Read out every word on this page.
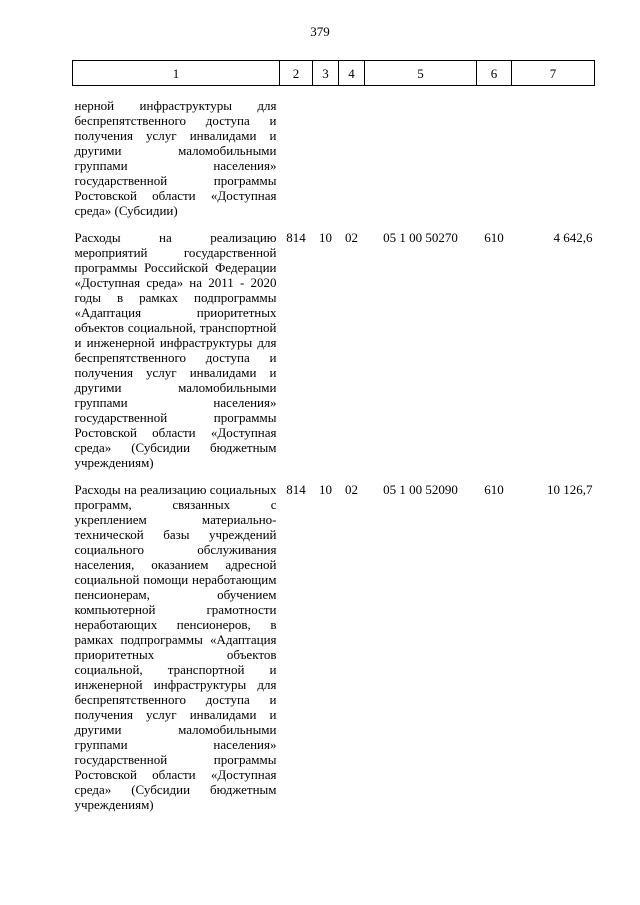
379
1	2	3	4	5	6	7

нерной инфраструктуры для беспрепятственного доступа и получения услуг инвалидами и другими маломобильными группами населения» государственной программы Ростовской области «Доступная среда» (Субсидии)						

Расходы на реализацию мероприятий государственной программы Российской Федерации «Доступная среда» на 2011 - 2020 годы в рамках подпрограммы «Адаптация приоритетных объектов социальной, транспортной и инженерной инфраструктуры для беспрепятственного доступа и получения услуг инвалидами и другими маломобильными группами населения» государственной программы Ростовской области «Доступная среда» (Субсидии бюджетным учреждениям)	814	10	02	05 1 00 50270	610	4 642,6

Расходы на реализацию социальных программ, связанных с укреплением материально-технической базы учреждений социального обслуживания населения, оказанием адресной социальной помощи неработающим пенсионерам, обучением компьютерной грамотности неработающих пенсионеров, в рамках подпрограммы «Адаптация приоритетных объектов социальной, транспортной и инженерной инфраструктуры для беспрепятственного доступа и получения услуг инвалидами и другими маломобильными группами населения» государственной программы Ростовской области «Доступная среда» (Субсидии бюджетным учреждениям)	814	10	02	05 1 00 52090	610	10 126,7
